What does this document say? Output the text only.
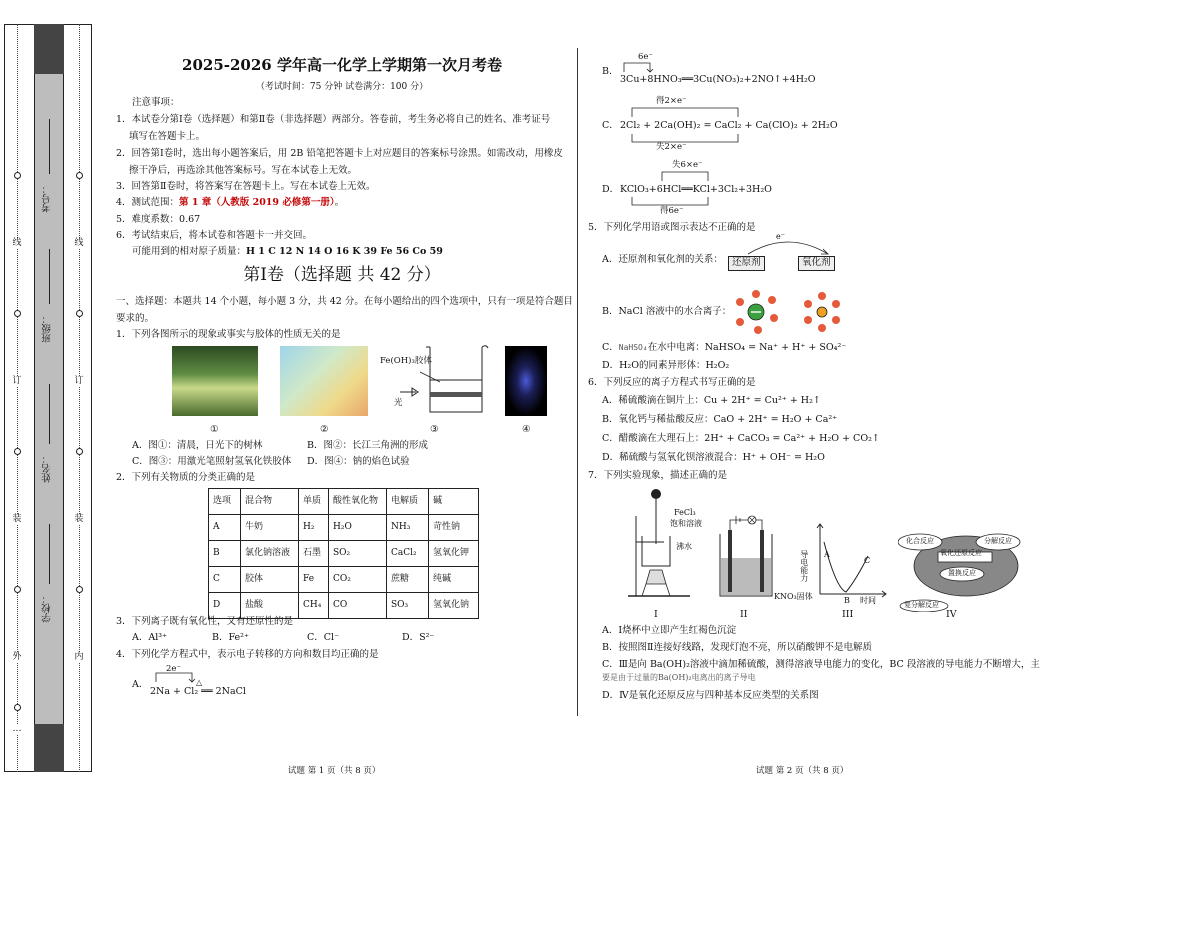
线
订
装
外
…
线
订
装
内
学校：
姓名：
班级：
考号：
2025-2026 学年高一化学上学期第一次月考卷
（考试时间：75 分钟 试卷满分：100 分）
注意事项：
1．本试卷分第Ⅰ卷（选择题）和第Ⅱ卷（非选择题）两部分。答卷前，考生务必将自己的姓名、准考证号
填写在答题卡上。
2．回答第Ⅰ卷时，选出每小题答案后，用 2B 铅笔把答题卡上对应题目的答案标号涂黑。如需改动，用橡皮
擦干净后，再选涂其他答案标号。写在本试卷上无效。
3．回答第Ⅱ卷时，将答案写在答题卡上。写在本试卷上无效。
4．测试范围：第 1 章（人教版 2019 必修第一册）。
5．难度系数：0.67
6．考试结束后，将本试卷和答题卡一并交回。
可能用到的相对原子质量：H 1 C 12 N 14 O 16 K 39 Fe 56 Co 59
第Ⅰ卷（选择题 共 42 分）
一、选择题：本题共 14 个小题，每小题 3 分，共 42 分。在每小题给出的四个选项中，只有一项是符合题目
要求的。
1．下列各图所示的现象或事实与胶体的性质无关的是
Fe(OH)₃胶体
光
①	②	③	④
A．图①：清晨，日光下的树林	B．图②：长江三角洲的形成
C．图③：用激光笔照射氢氧化铁胶体 D．图④：钠的焰色试验
2．下列有关物质的分类正确的是
选项	混合物	单质	酸性氧化物	电解质	碱
A	牛奶	H₂	H₂O	NH₃	苛性钠
B	氯化钠溶液	石墨	SO₂	CaCl₂	氢氧化钾
C	胶体	Fe	CO₂	蔗糖	纯碱
D	盐酸	CH₄	CO	SO₃	氢氧化钠
3．下列离子既有氧化性，又有还原性的是
A．Al³⁺	B．Fe²⁺	C．Cl⁻	D．S²⁻
4．下列化学方程式中，表示电子转移的方向和数目均正确的是
A．
2e⁻
△
2Na + Cl₂ ══ 2NaCl
试题 第 1 页（共 8 页）
B．
6e⁻
3Cu+8HNO₃══3Cu(NO₃)₂+2NO↑+4H₂O
得2×e⁻
C． 2Cl₂ + 2Ca(OH)₂ = CaCl₂ + Ca(ClO)₂ + 2H₂O
失2×e⁻
失6×e⁻
D． KClO₃+6HCl══KCl+3Cl₂+3H₂O
得6e⁻
5．下列化学用语或图示表达不正确的是
A．还原剂和氧化剂的关系：
e⁻
还原剂	氧化剂
B．NaCl 溶液中的水合离子：
C．NaHSO₄在水中电离：NaHSO₄ = Na⁺ + H⁺ + SO₄²⁻
D．H₂O的同素异形体：H₂O₂
6．下列反应的离子方程式书写正确的是
A．稀硫酸滴在铜片上：Cu + 2H⁺ = Cu²⁺ + H₂↑
B．氧化钙与稀盐酸反应：CaO + 2H⁺ = H₂O + Ca²⁺
C．醋酸滴在大理石上：2H⁺ + CaCO₃ = Ca²⁺ + H₂O + CO₂↑
D．稀硫酸与氢氧化钡溶液混合：H⁺ + OH⁻ = H₂O
7．下列实验现象，描述正确的是
FeCl₃
饱和溶液
沸水
KNO₃固体
导电能力 A
B
C
时间
化合反应	分解反应
氧化还原反应
置换反应
复分解反应
I	II	III	IV
A．Ⅰ烧杯中立即产生红褐色沉淀
B．按照图Ⅱ连接好线路，发现灯泡不亮，所以硝酸钾不是电解质
C．Ⅲ是向 Ba(OH)₂溶液中滴加稀硫酸，测得溶液导电能力的变化，BC 段溶液的导电能力不断增大，主
要是由于过量的Ba(OH)₂电离出的离子导电
D．Ⅳ是氧化还原反应与四种基本反应类型的关系图
试题 第 2 页（共 8 页）
